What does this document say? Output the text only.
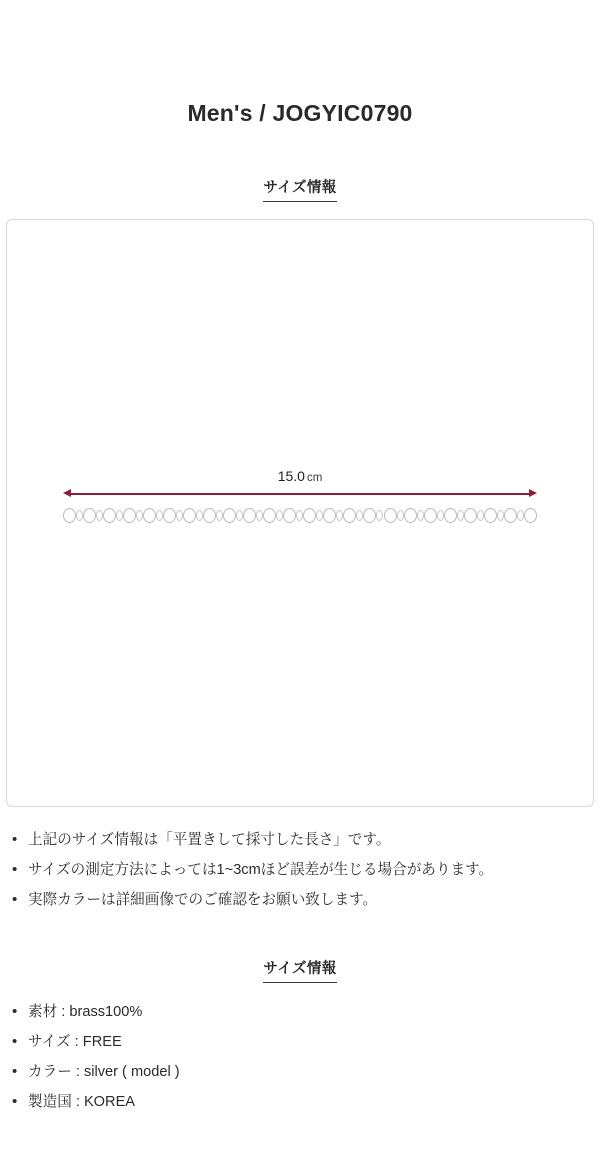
Men's / JOGYIC0790
サイズ情報
15.0 cm
• 上記のサイズ情報は「平置きして採寸した長さ」です。
• サイズの測定方法によっては1~3cmほど誤差が生じる場合があります。
• 実際カラーは詳細画像でのご確認をお願い致します。
サイズ情報
• 素材 : brass100%
• サイズ : FREE
• カラー : silver ( model )
• 製造国 : KOREA
